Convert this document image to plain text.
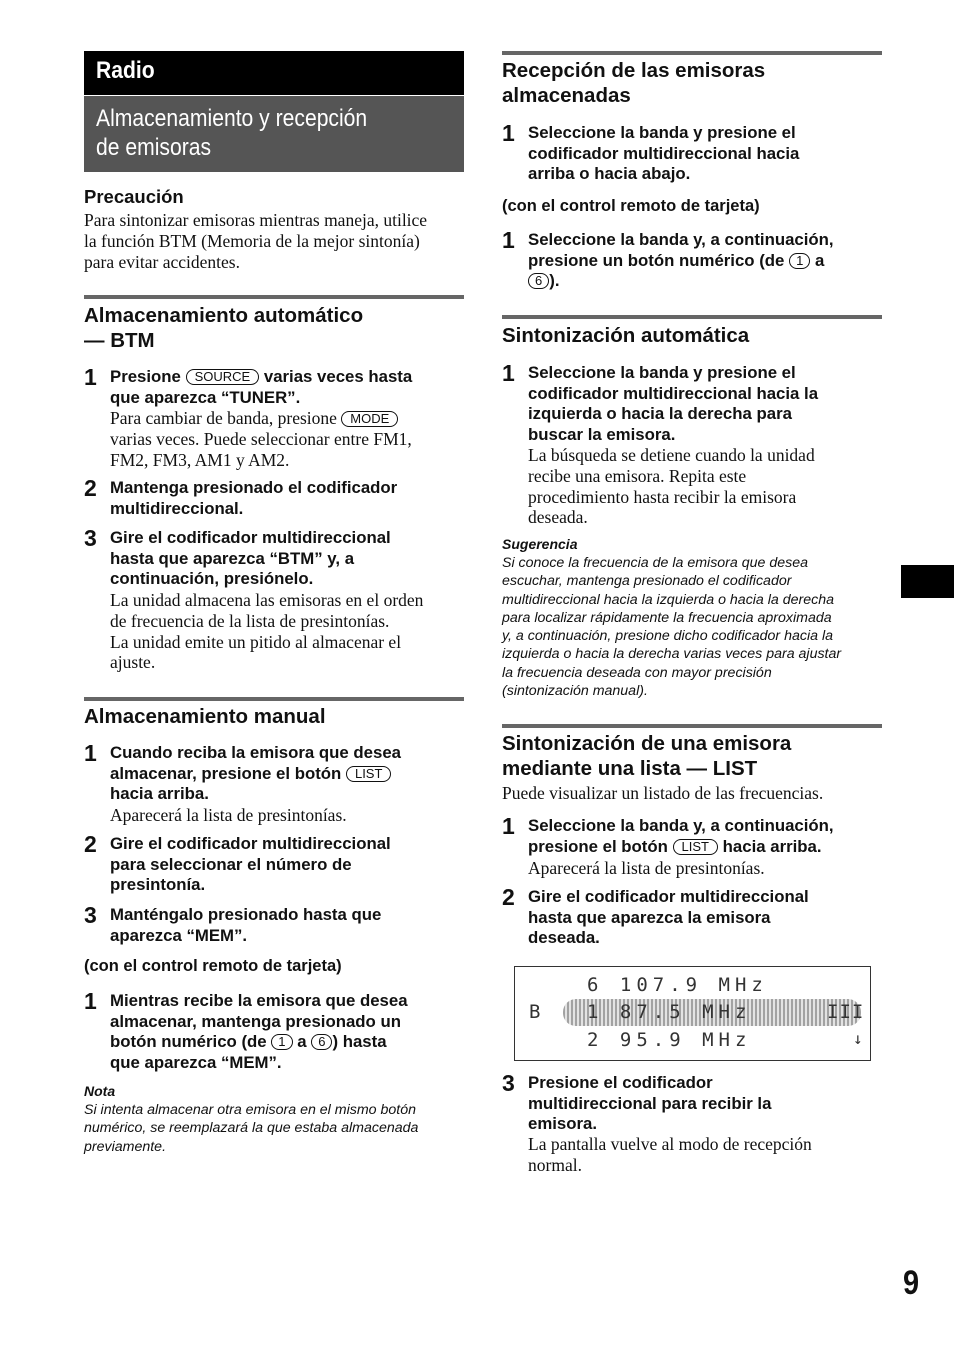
Radio
Almacenamiento y recepción
de emisoras
Precaución
Para sintonizar emisoras mientras maneja, utilice
la función BTM (Memoria de la mejor sintonía)
para evitar accidentes.
Almacenamiento automático
— BTM
1 Presione SOURCE varias veces hasta
que aparezca “TUNER”.
Para cambiar de banda, presione MODE
varias veces. Puede seleccionar entre FM1,
FM2, FM3, AM1 y AM2.
2 Mantenga presionado el codificador
multidireccional.
3 Gire el codificador multidireccional
hasta que aparezca “BTM” y, a
continuación, presiónelo.
La unidad almacena las emisoras en el orden
de frecuencia de la lista de presintonías.
La unidad emite un pitido al almacenar el
ajuste.
Almacenamiento manual
1 Cuando reciba la emisora que desea
almacenar, presione el botón LIST
hacia arriba.
Aparecerá la lista de presintonías.
2 Gire el codificador multidireccional
para seleccionar el número de
presintonía.
3 Manténgalo presionado hasta que
aparezca “MEM”.
(con el control remoto de tarjeta)
1 Mientras recibe la emisora que desea
almacenar, mantenga presionado un
botón numérico (de 1 a 6 ) hasta
que aparezca “MEM”.
Nota
Si intenta almacenar otra emisora en el mismo botón
numérico, se reemplazará la que estaba almacenada
previamente.
Recepción de las emisoras
almacenadas
1 Seleccione la banda y presione el
codificador multidireccional hacia
arriba o hacia abajo.
(con el control remoto de tarjeta)
1 Seleccione la banda y, a continuación,
presione un botón numérico (de 1 a
6 ).
Sintonización automática
1 Seleccione la banda y presione el
codificador multidireccional hacia la
izquierda o hacia la derecha para
buscar la emisora.
La búsqueda se detiene cuando la unidad
recibe una emisora. Repita este
procedimiento hasta recibir la emisora
deseada.
Sugerencia
Si conoce la frecuencia de la emisora que desea
escuchar, mantenga presionado el codificador
multidireccional hacia la izquierda o hacia la derecha
para localizar rápidamente la frecuencia aproximada
y, a continuación, presione dicho codificador hacia la
izquierda o hacia la derecha varias veces para ajustar
la frecuencia deseada con mayor precisión
(sintonización manual).
Sintonización de una emisora
mediante una lista — LIST
Puede visualizar un listado de las frecuencias.
1 Seleccione la banda y, a continuación,
presione el botón LIST hacia arriba.
Aparecerá la lista de presintonías.
2 Gire el codificador multidireccional
hasta que aparezca la emisora
deseada.
6 107.9 MHz
B 1 87.5 MHz	III
2 95.9 MHz	↓
3 Presione el codificador
multidireccional para recibir la
emisora.
La pantalla vuelve al modo de recepción
normal.
9
